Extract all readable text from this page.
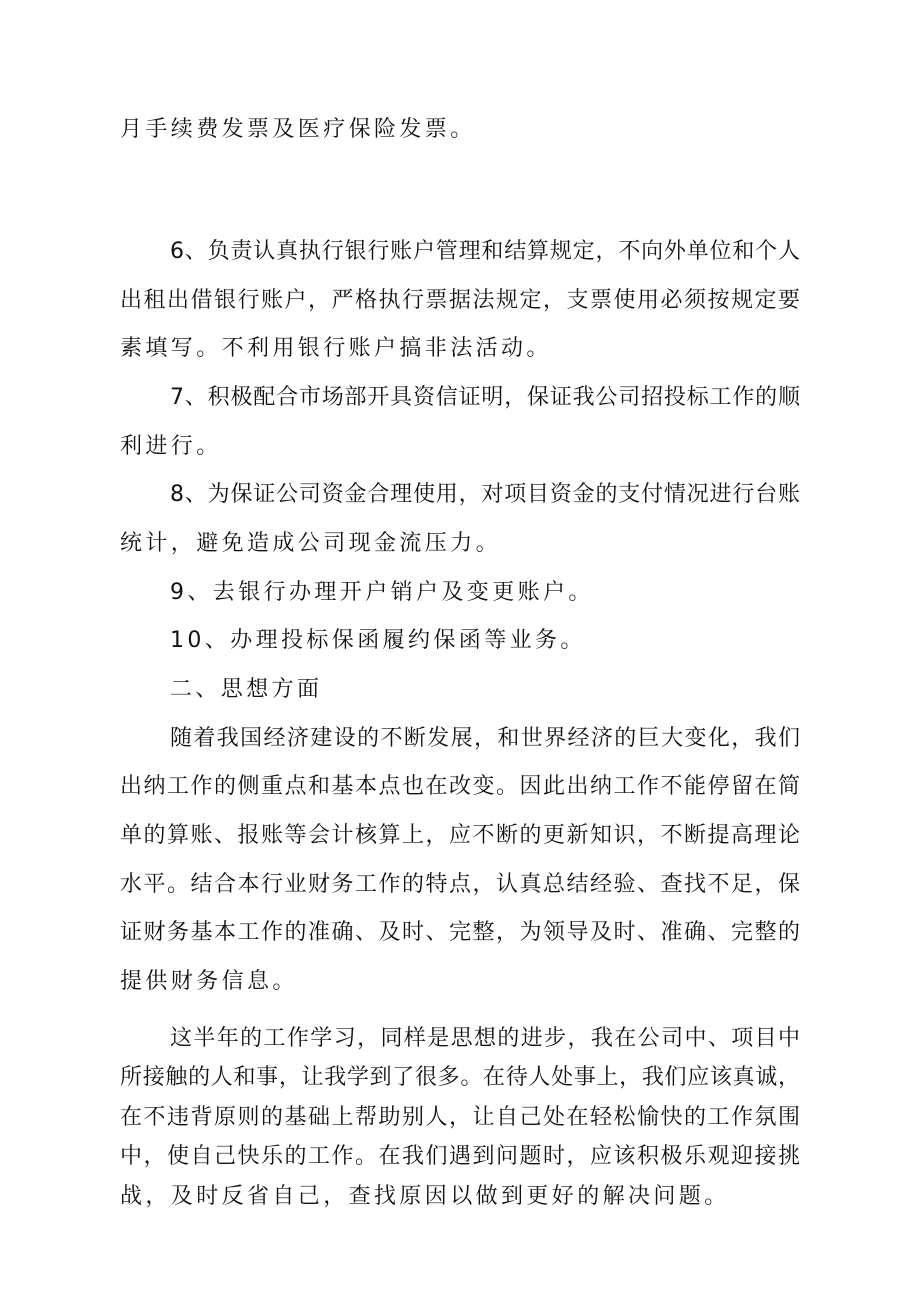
月手续费发票及医疗保险发票。
6、负责认真执行银行账户管理和结算规定，不向外单位和个人
出租出借银行账户，严格执行票据法规定，支票使用必须按规定要
素填写。不利用银行账户搞非法活动。
7、积极配合市场部开具资信证明，保证我公司招投标工作的顺
利进行。
8、为保证公司资金合理使用，对项目资金的支付情况进行台账
统计，避免造成公司现金流压力。
9、去银行办理开户销户及变更账户。
10、办理投标保函履约保函等业务。
二、思想方面
随着我国经济建设的不断发展，和世界经济的巨大变化，我们
出纳工作的侧重点和基本点也在改变。因此出纳工作不能停留在简
单的算账、报账等会计核算上，应不断的更新知识，不断提高理论
水平。结合本行业财务工作的特点，认真总结经验、查找不足，保
证财务基本工作的准确、及时、完整，为领导及时、准确、完整的
提供财务信息。
这半年的工作学习，同样是思想的进步，我在公司中、项目中
所接触的人和事，让我学到了很多。在待人处事上，我们应该真诚，
在不违背原则的基础上帮助别人，让自己处在轻松愉快的工作氛围
中，使自己快乐的工作。在我们遇到问题时，应该积极乐观迎接挑
战，及时反省自己，查找原因以做到更好的解决问题。
